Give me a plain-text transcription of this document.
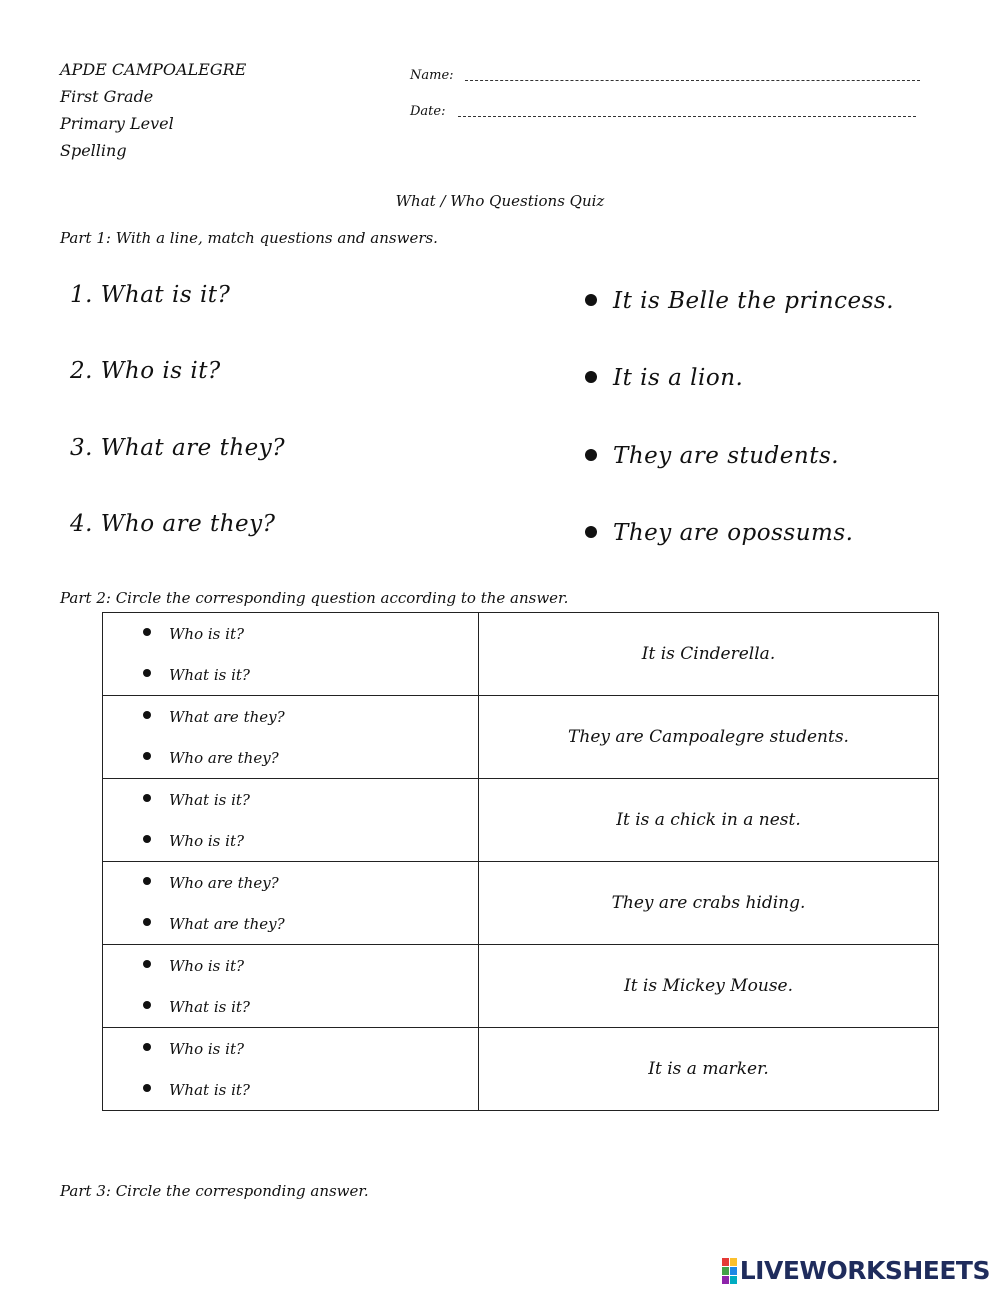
APDE CAMPOALEGRE
First Grade
Primary Level
Spelling
Name:
Date:
What / Who Questions Quiz
Part 1: With a line, match questions and answers.
1. What is it?
2. Who is it?
3. What are they?
4. Who are they?
It is Belle the princess.
It is a lion.
They are students.
They are opossums.
Part 2: Circle the corresponding question according to the answer.
Who is it?
What is it?	It is Cinderella.

What are they?
Who are they?	They are Campoalegre students.

What is it?
Who is it?	It is a chick in a nest.

Who are they?
What are they?	They are crabs hiding.

Who is it?
What is it?	It is Mickey Mouse.

Who is it?
What is it?	It is a marker.
Part 3: Circle the corresponding answer.
LIVEWORKSHEETS
